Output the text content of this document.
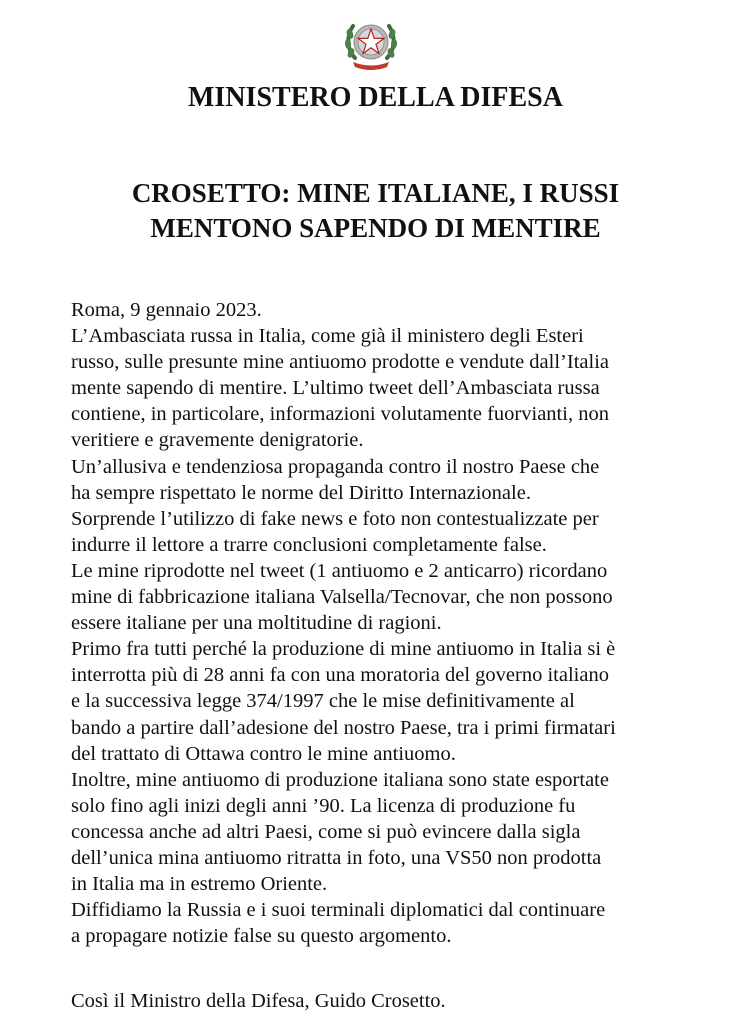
MINISTERO DELLA DIFESA
CROSETTO: MINE ITALIANE, I RUSSI
MENTONO SAPENDO DI MENTIRE
Roma, 9 gennaio 2023.
L’Ambasciata russa in Italia, come già il ministero degli Esteri
russo, sulle presunte mine antiuomo prodotte e vendute dall’Italia
mente sapendo di mentire. L’ultimo tweet dell’Ambasciata russa
contiene, in particolare, informazioni volutamente fuorvianti, non
veritiere e gravemente denigratorie.
Un’allusiva e tendenziosa propaganda contro il nostro Paese che
ha sempre rispettato le norme del Diritto Internazionale.
Sorprende l’utilizzo di fake news e foto non contestualizzate per
indurre il lettore a trarre conclusioni completamente false.
Le mine riprodotte nel tweet (1 antiuomo e 2 anticarro) ricordano
mine di fabbricazione italiana Valsella/Tecnovar, che non possono
essere italiane per una moltitudine di ragioni.
Primo fra tutti perché la produzione di mine antiuomo in Italia si è
interrotta più di 28 anni fa con una moratoria del governo italiano
e la successiva legge 374/1997 che le mise definitivamente al
bando a partire dall’adesione del nostro Paese, tra i primi firmatari
del trattato di Ottawa contro le mine antiuomo.
Inoltre, mine antiuomo di produzione italiana sono state esportate
solo fino agli inizi degli anni ’90. La licenza di produzione fu
concessa anche ad altri Paesi, come si può evincere dalla sigla
dell’unica mina antiuomo ritratta in foto, una VS50 non prodotta
in Italia ma in estremo Oriente.
Diffidiamo la Russia e i suoi terminali diplomatici dal continuare
a propagare notizie false su questo argomento.
Così il Ministro della Difesa, Guido Crosetto.
